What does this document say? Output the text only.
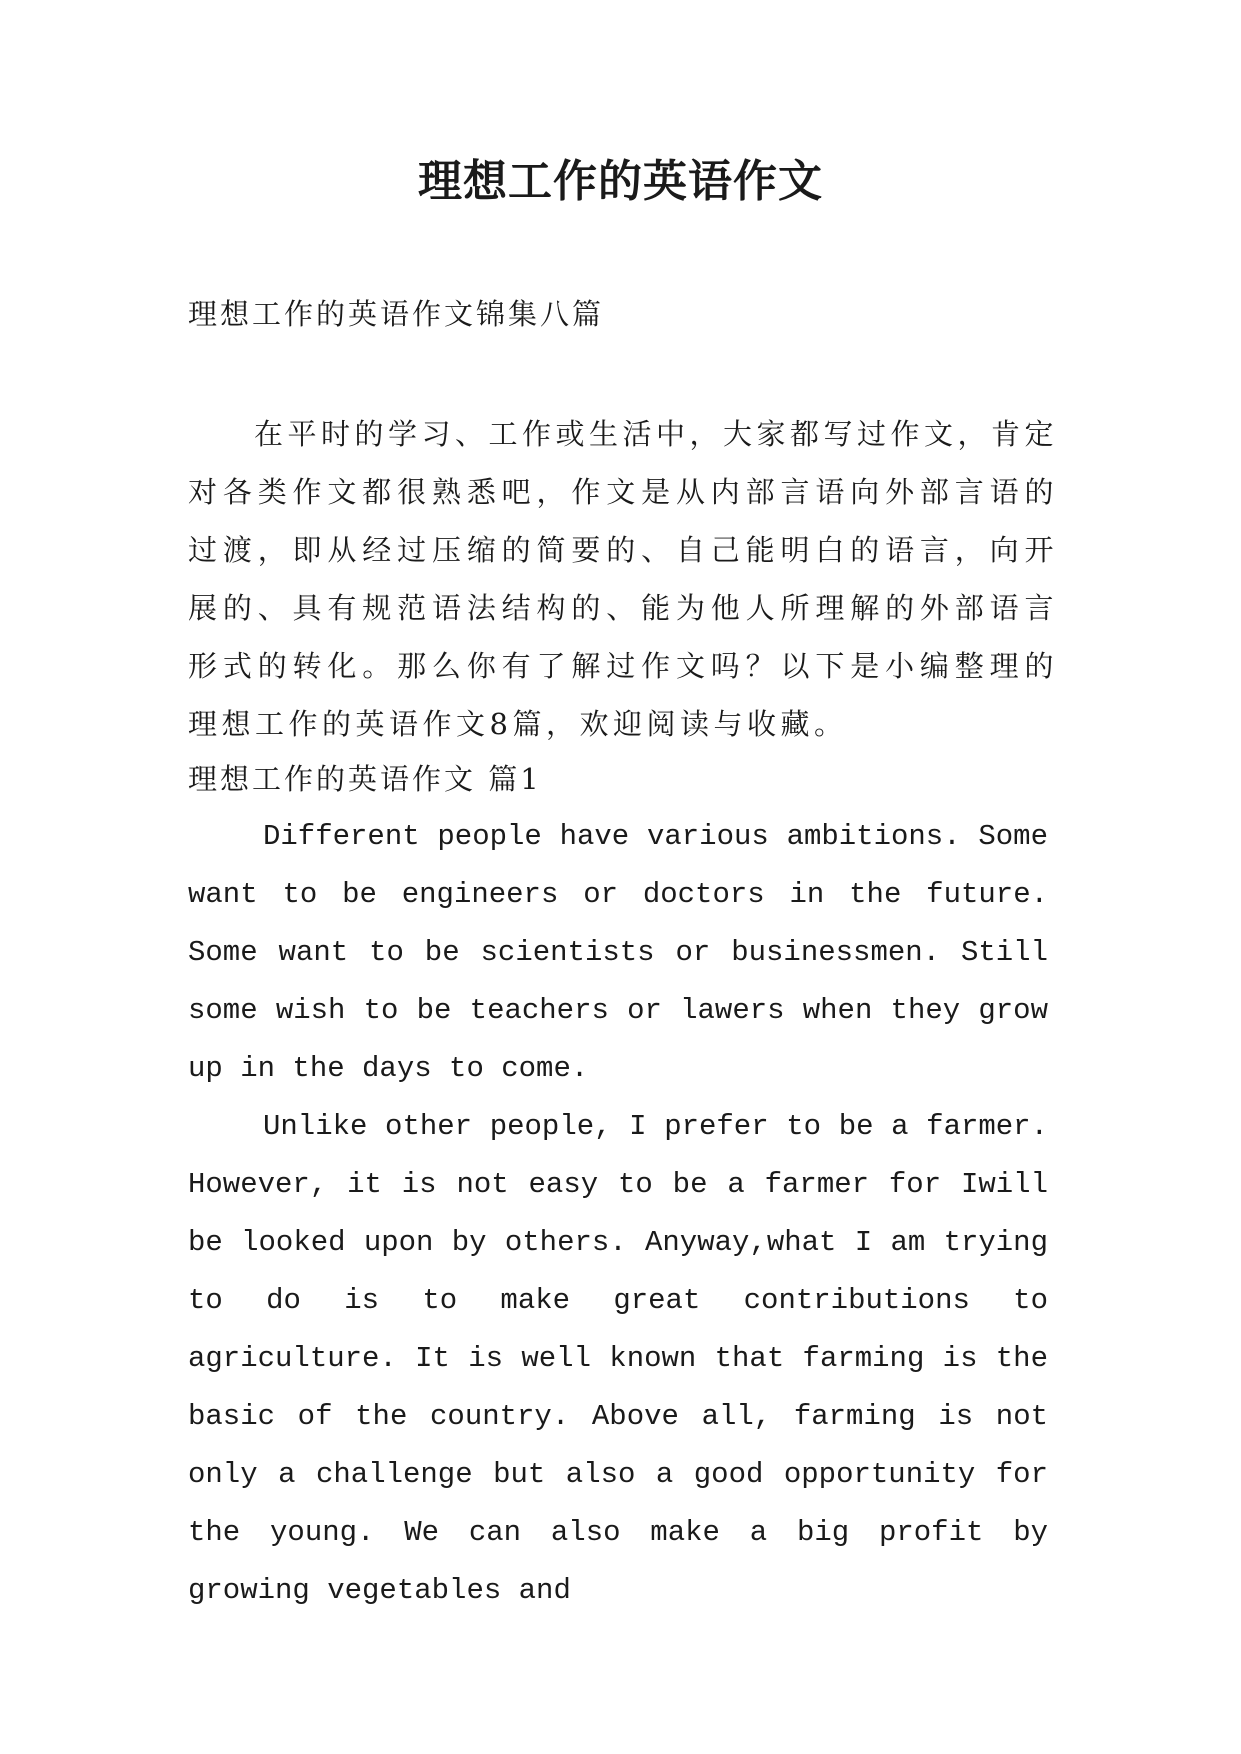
理想工作的英语作文

理想工作的英语作文锦集八篇

在平时的学习、工作或生活中，大家都写过作文，肯定对各类作文都很熟悉吧，作文是从内部言语向外部言语的过渡，即从经过压缩的简要的、自己能明白的语言，向开展的、具有规范语法结构的、能为他人所理解的外部语言形式的转化。那么你有了解过作文吗？以下是小编整理的理想工作的英语作文8篇，欢迎阅读与收藏。

理想工作的英语作文 篇1

Different people have various ambitions. Some want to be engineers or doctors in the future. Some want to be scientists or businessmen. Still some wish to be teachers or lawers when they grow up in the days to come.

Unlike other people, I prefer to be a farmer. However, it is not easy to be a farmer for Iwill be looked upon by others. Anyway,what I am trying to do is to make great contributions to agriculture. It is well known that farming is the basic of the country. Above all, farming is not only a challenge but also a good opportunity for the young. We can also make a big profit by growing vegetables and
